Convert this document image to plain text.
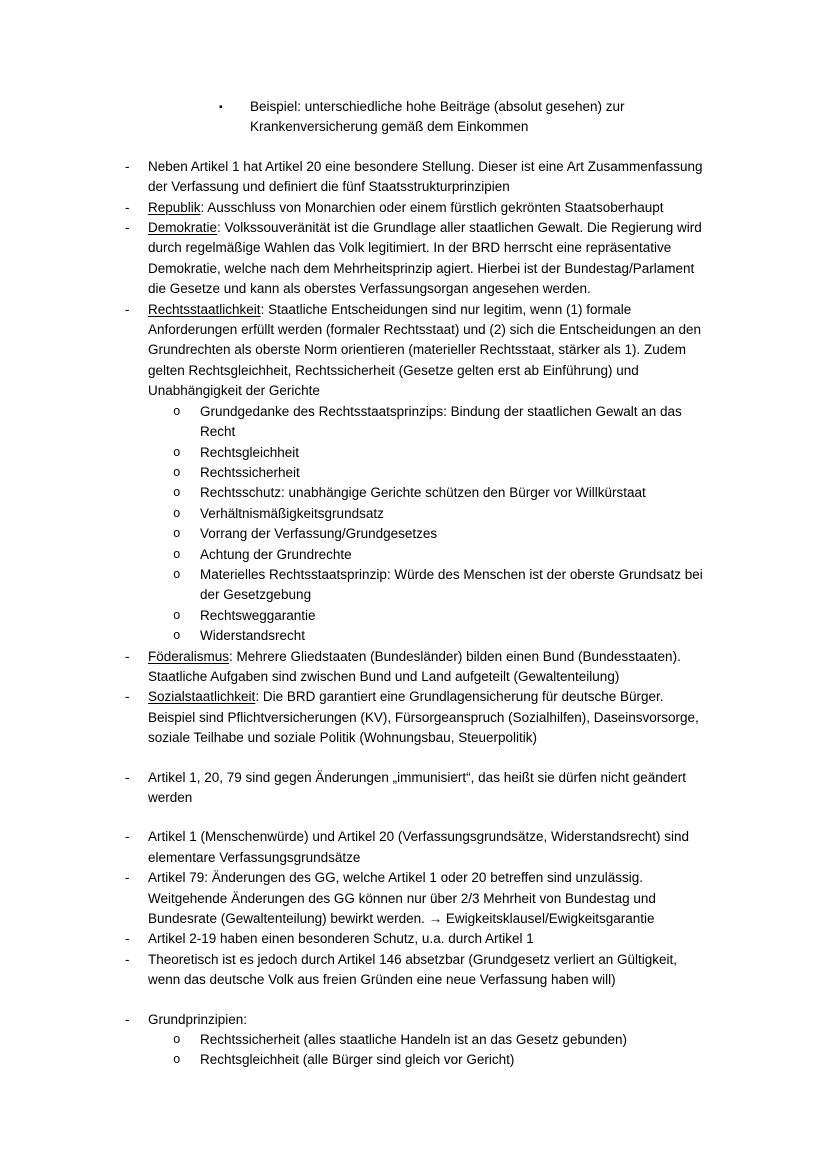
▪ Beispiel: unterschiedliche hohe Beiträge (absolut gesehen) zur Krankenversicherung gemäß dem Einkommen
- Neben Artikel 1 hat Artikel 20 eine besondere Stellung. Dieser ist eine Art Zusammenfassung der Verfassung und definiert die fünf Staatsstrukturprinzipien
- Republik: Ausschluss von Monarchien oder einem fürstlich gekrönten Staatsoberhaupt
- Demokratie: Volkssouveränität ist die Grundlage aller staatlichen Gewalt. Die Regierung wird durch regelmäßige Wahlen das Volk legitimiert. In der BRD herrscht eine repräsentative Demokratie, welche nach dem Mehrheitsprinzip agiert. Hierbei ist der Bundestag/Parlament die Gesetze und kann als oberstes Verfassungsorgan angesehen werden.
- Rechtsstaatlichkeit: Staatliche Entscheidungen sind nur legitim, wenn (1) formale Anforderungen erfüllt werden (formaler Rechtsstaat) und (2) sich die Entscheidungen an den Grundrechten als oberste Norm orientieren (materieller Rechtsstaat, stärker als 1). Zudem gelten Rechtsgleichheit, Rechtssicherheit (Gesetze gelten erst ab Einführung) und Unabhängigkeit der Gerichte
o Grundgedanke des Rechtsstaatsprinzips: Bindung der staatlichen Gewalt an das Recht
o Rechtsgleichheit
o Rechtssicherheit
o Rechtsschutz: unabhängige Gerichte schützen den Bürger vor Willkürstaat
o Verhältnismäßigkeitsgrundsatz
o Vorrang der Verfassung/Grundgesetzes
o Achtung der Grundrechte
o Materielles Rechtsstaatsprinzip: Würde des Menschen ist der oberste Grundsatz bei der Gesetzgebung
o Rechtsweggarantie
o Widerstandsrecht
- Föderalismus: Mehrere Gliedstaaten (Bundesländer) bilden einen Bund (Bundesstaaten). Staatliche Aufgaben sind zwischen Bund und Land aufgeteilt (Gewaltenteilung)
- Sozialstaatlichkeit: Die BRD garantiert eine Grundlagensicherung für deutsche Bürger. Beispiel sind Pflichtversicherungen (KV), Fürsorgeanspruch (Sozialhilfen), Daseinsvorsorge, soziale Teilhabe und soziale Politik (Wohnungsbau, Steuerpolitik)
- Artikel 1, 20, 79 sind gegen Änderungen „immunisiert“, das heißt sie dürfen nicht geändert werden
- Artikel 1 (Menschenwürde) und Artikel 20 (Verfassungsgrundsätze, Widerstandsrecht) sind elementare Verfassungsgrundsätze
- Artikel 79: Änderungen des GG, welche Artikel 1 oder 20 betreffen sind unzulässig. Weitgehende Änderungen des GG können nur über 2/3 Mehrheit von Bundestag und Bundesrate (Gewaltenteilung) bewirkt werden. → Ewigkeitsklausel/Ewigkeitsgarantie
- Artikel 2-19 haben einen besonderen Schutz, u.a. durch Artikel 1
- Theoretisch ist es jedoch durch Artikel 146 absetzbar (Grundgesetz verliert an Gültigkeit, wenn das deutsche Volk aus freien Gründen eine neue Verfassung haben will)
- Grundprinzipien:
o Rechtssicherheit (alles staatliche Handeln ist an das Gesetz gebunden)
o Rechtsgleichheit (alle Bürger sind gleich vor Gericht)
